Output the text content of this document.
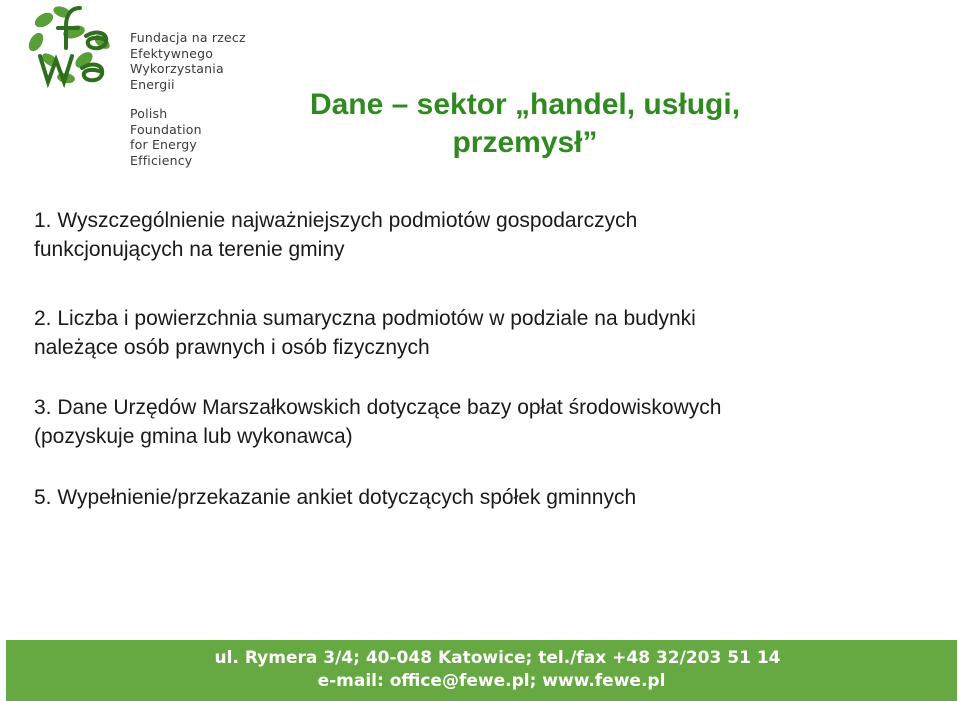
Fundacja na rzecz
Efektywnego
Wykorzystania
Energii
Polish
Foundation
for Energy
Efficiency
Dane – sektor „handel, usługi,
przemysł”

1. Wyszczególnienie najważniejszych podmiotów gospodarczych
funkcjonujących na terenie gminy

2. Liczba i powierzchnia sumaryczna podmiotów w podziale na budynki
należące osób prawnych i osób fizycznych

3. Dane Urzędów Marszałkowskich dotyczące bazy opłat środowiskowych
(pozyskuje gmina lub wykonawca)

5. Wypełnienie/przekazanie ankiet dotyczących spółek gminnych

ul. Rymera 3/4; 40-048 Katowice; tel./fax +48 32/203 51 14
e-mail: office@fewe.pl; www.fewe.pl
